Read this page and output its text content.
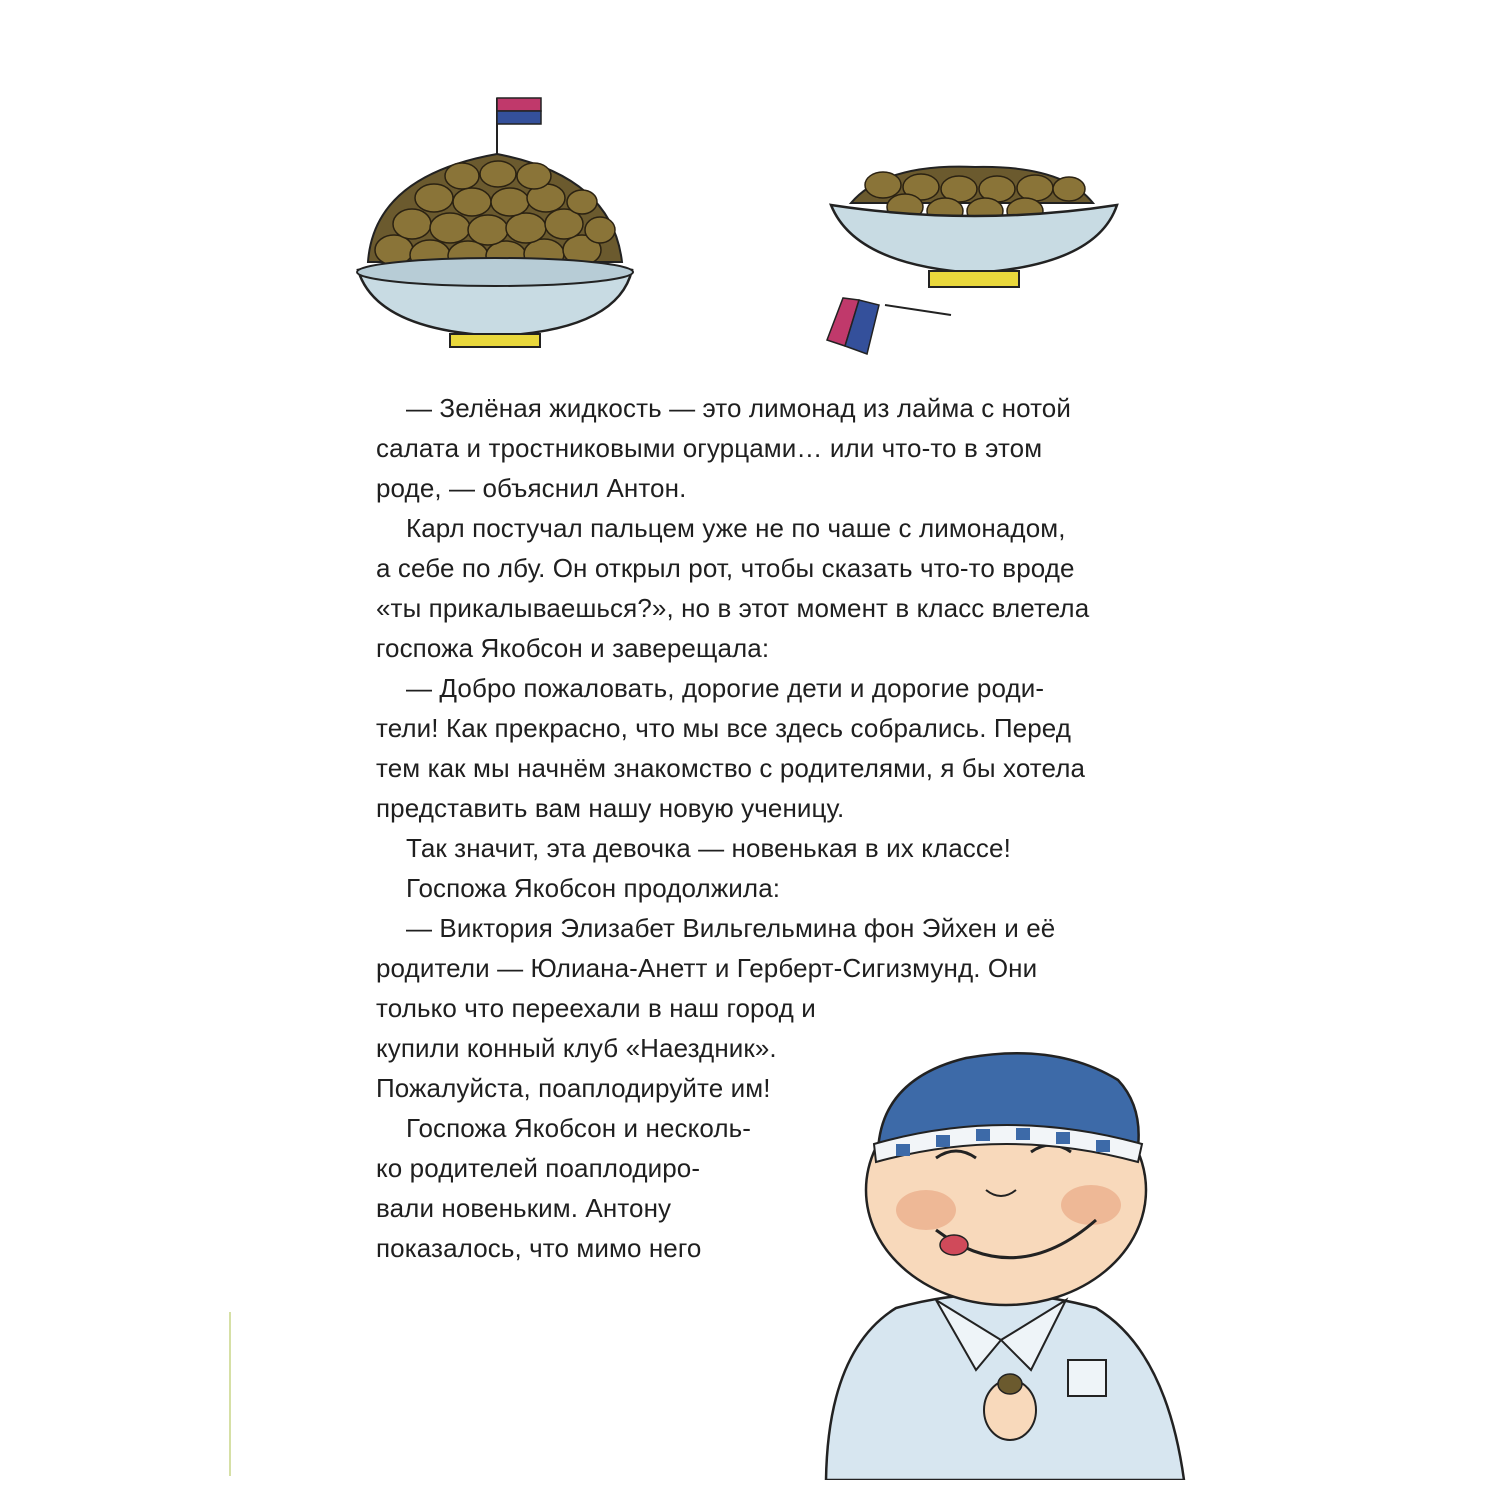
— Зелёная жидкость — это лимонад из лайма с нотой
салата и тростниковыми огурцами… или что-то в этом
роде, — объяснил Антон.
Карл постучал пальцем уже не по чаше с лимонадом,
а себе по лбу. Он открыл рот, чтобы сказать что-то вроде
«ты прикалываешься?», но в этот момент в класс влетела
госпожа Якобсон и заверещала:
— Добро пожаловать, дорогие дети и дорогие роди-
тели! Как прекрасно, что мы все здесь собрались. Перед
тем как мы начнём знакомство с родителями, я бы хотела
представить вам нашу новую ученицу.
Так значит, эта девочка — новенькая в их классе!
Госпожа Якобсон продолжила:
— Виктория Элизабет Вильгельмина фон Эйхен и её
родители — Юлиана-Анетт и Герберт-Сигизмунд. Они
только что переехали в наш город и
купили конный клуб «Наездник».
Пожалуйста, поаплодируйте им!
Госпожа Якобсон и несколь-
ко родителей поаплодиро-
вали новеньким. Антону
показалось, что мимо него
